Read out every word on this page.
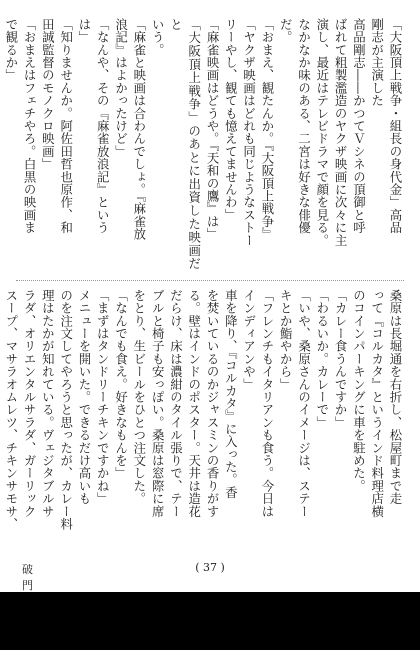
「大阪頂上戦争・組長の身代金」高品
剛志が主演した
高品剛志――かつてＶシネの頂御と呼
ばれて粗製濫造のヤクザ映画に次々に主
演し、最近はテレビドラマで顔を見る。
なかなか味のある、二宮は好きな俳優
だ。
「おまえ、観たんか。『大阪頂上戦争』
「ヤクザ映画はどれも同じようなストー
リーやし、観ても憶えてませんわ」
「麻雀映画はどうや。『天和の鷹』は」
「大阪頂上戦争」のあとに出資した映画だと
いう。
「麻雀と映画は合わんでしょ。『麻雀放
浪記』はよかったけど」
「なんや、その『麻雀放浪記』という
は」
「知りませんか。阿佐田哲也原作、和
田誠監督のモノクロ映画」
「おまえはフェチやろ。白黒の映画ま
で観るか」
桑原は長堀通を右折し、松屋町まで走
って『コルカタ』というインド料理店横
のコインパーキングに車を駐めた。
「カレー食うんですか」
「わるいか。カレーで」
「いや、桑原さんのイメージは、ステー
キとか鮨やから」
「フレンチもイタリアンも食う。今日は
インディアンや」
車を降り、『コルカタ』に入った。香
を焚いているのかジャスミンの香りがす
る。壁はインドのポスター。天井は造花
だらけ、床は濃紺のタイル張りで、テー
ブルと椅子も安っぽい。桑原は窓際に席
をとり、生ビールをひとつ注文した。
「なんでも食え。好きなもんを」
「まずはタンドリーチキンですかね」
メニューを開いた。できるだけ高いも
のを注文してやろうと思ったが、カレー料
理はたかが知れている。ヴェジタブルサ
ラダ、オリエンタルサラダ、ガーリック
スープ、マサラオムレツ、チキンサモサ、
破門
( 37 )
